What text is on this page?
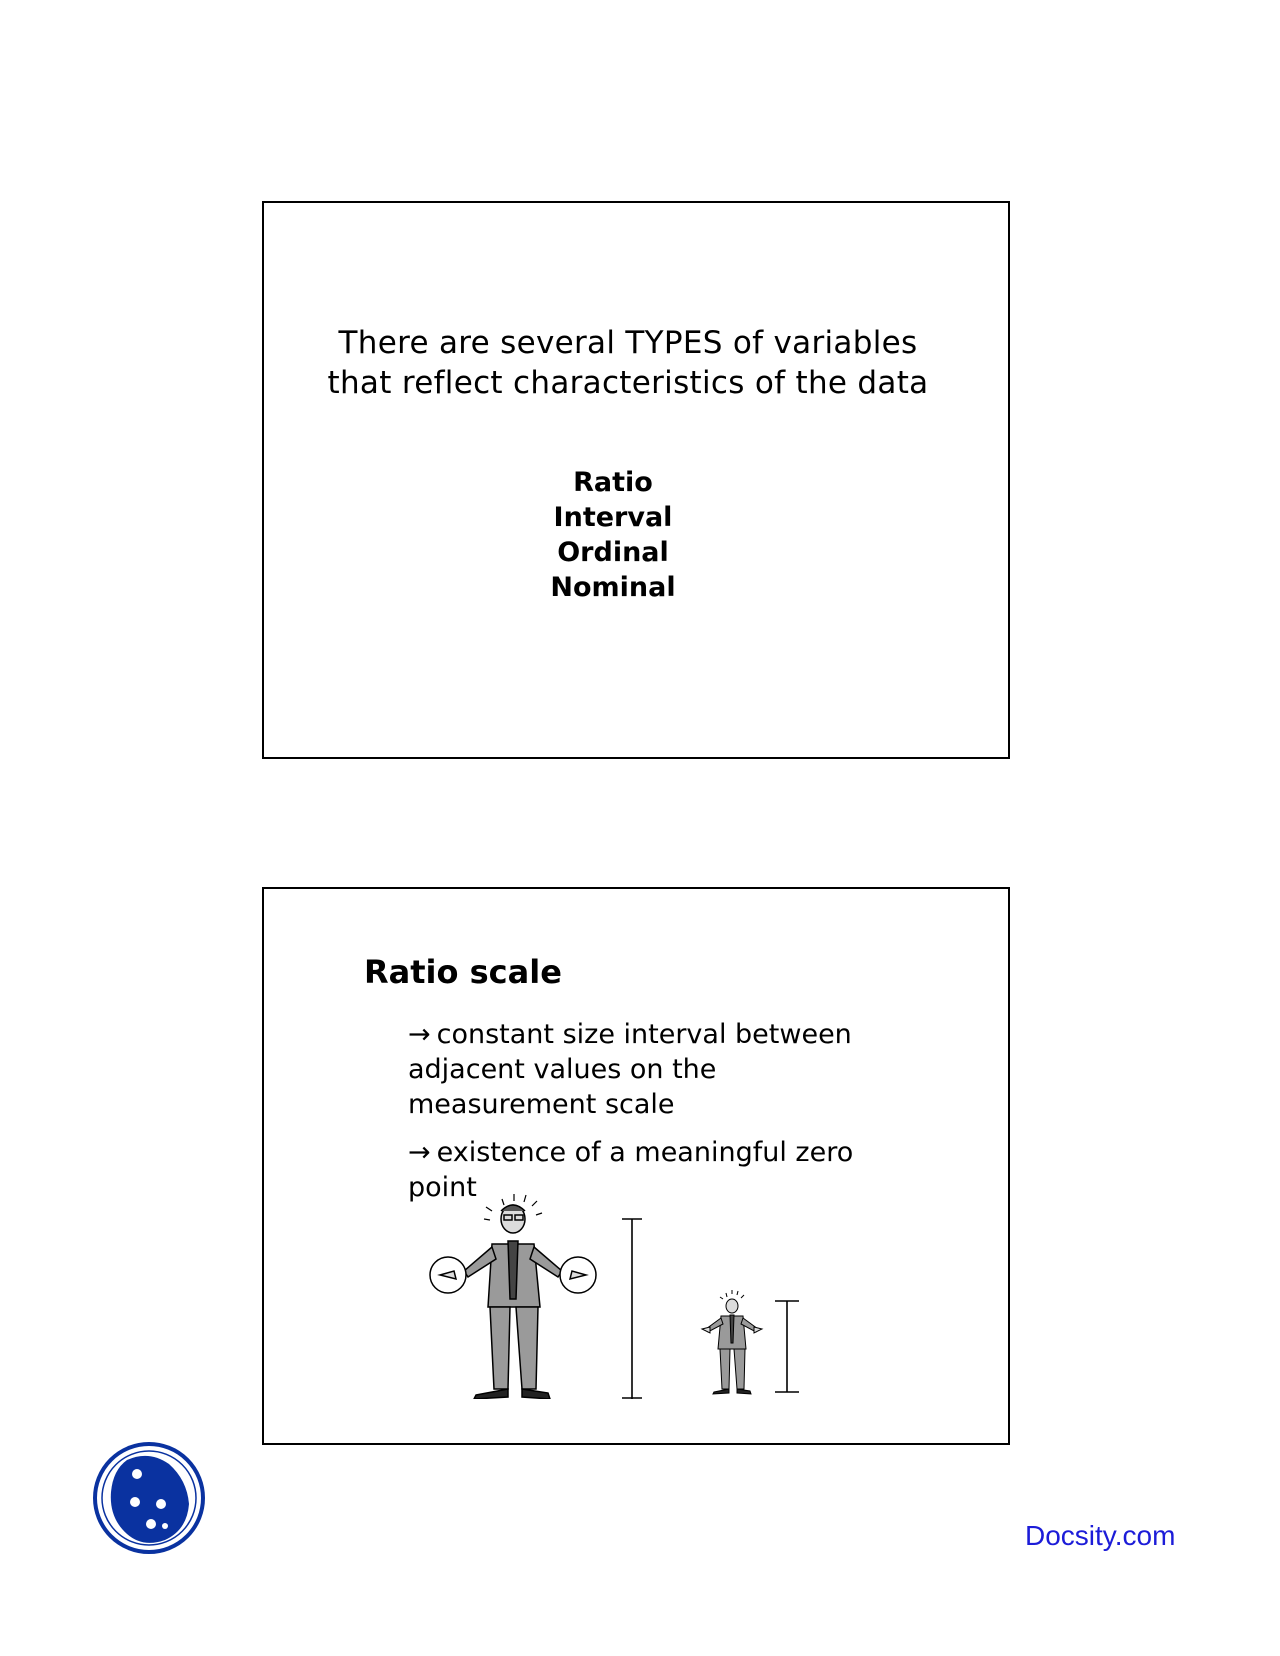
There are several TYPES of variables
that reflect characteristics of the data
Ratio
Interval
Ordinal
Nominal
Ratio scale
→ constant size interval between
adjacent values on the
measurement scale
→ existence of a meaningful zero
point
Docsity.com
